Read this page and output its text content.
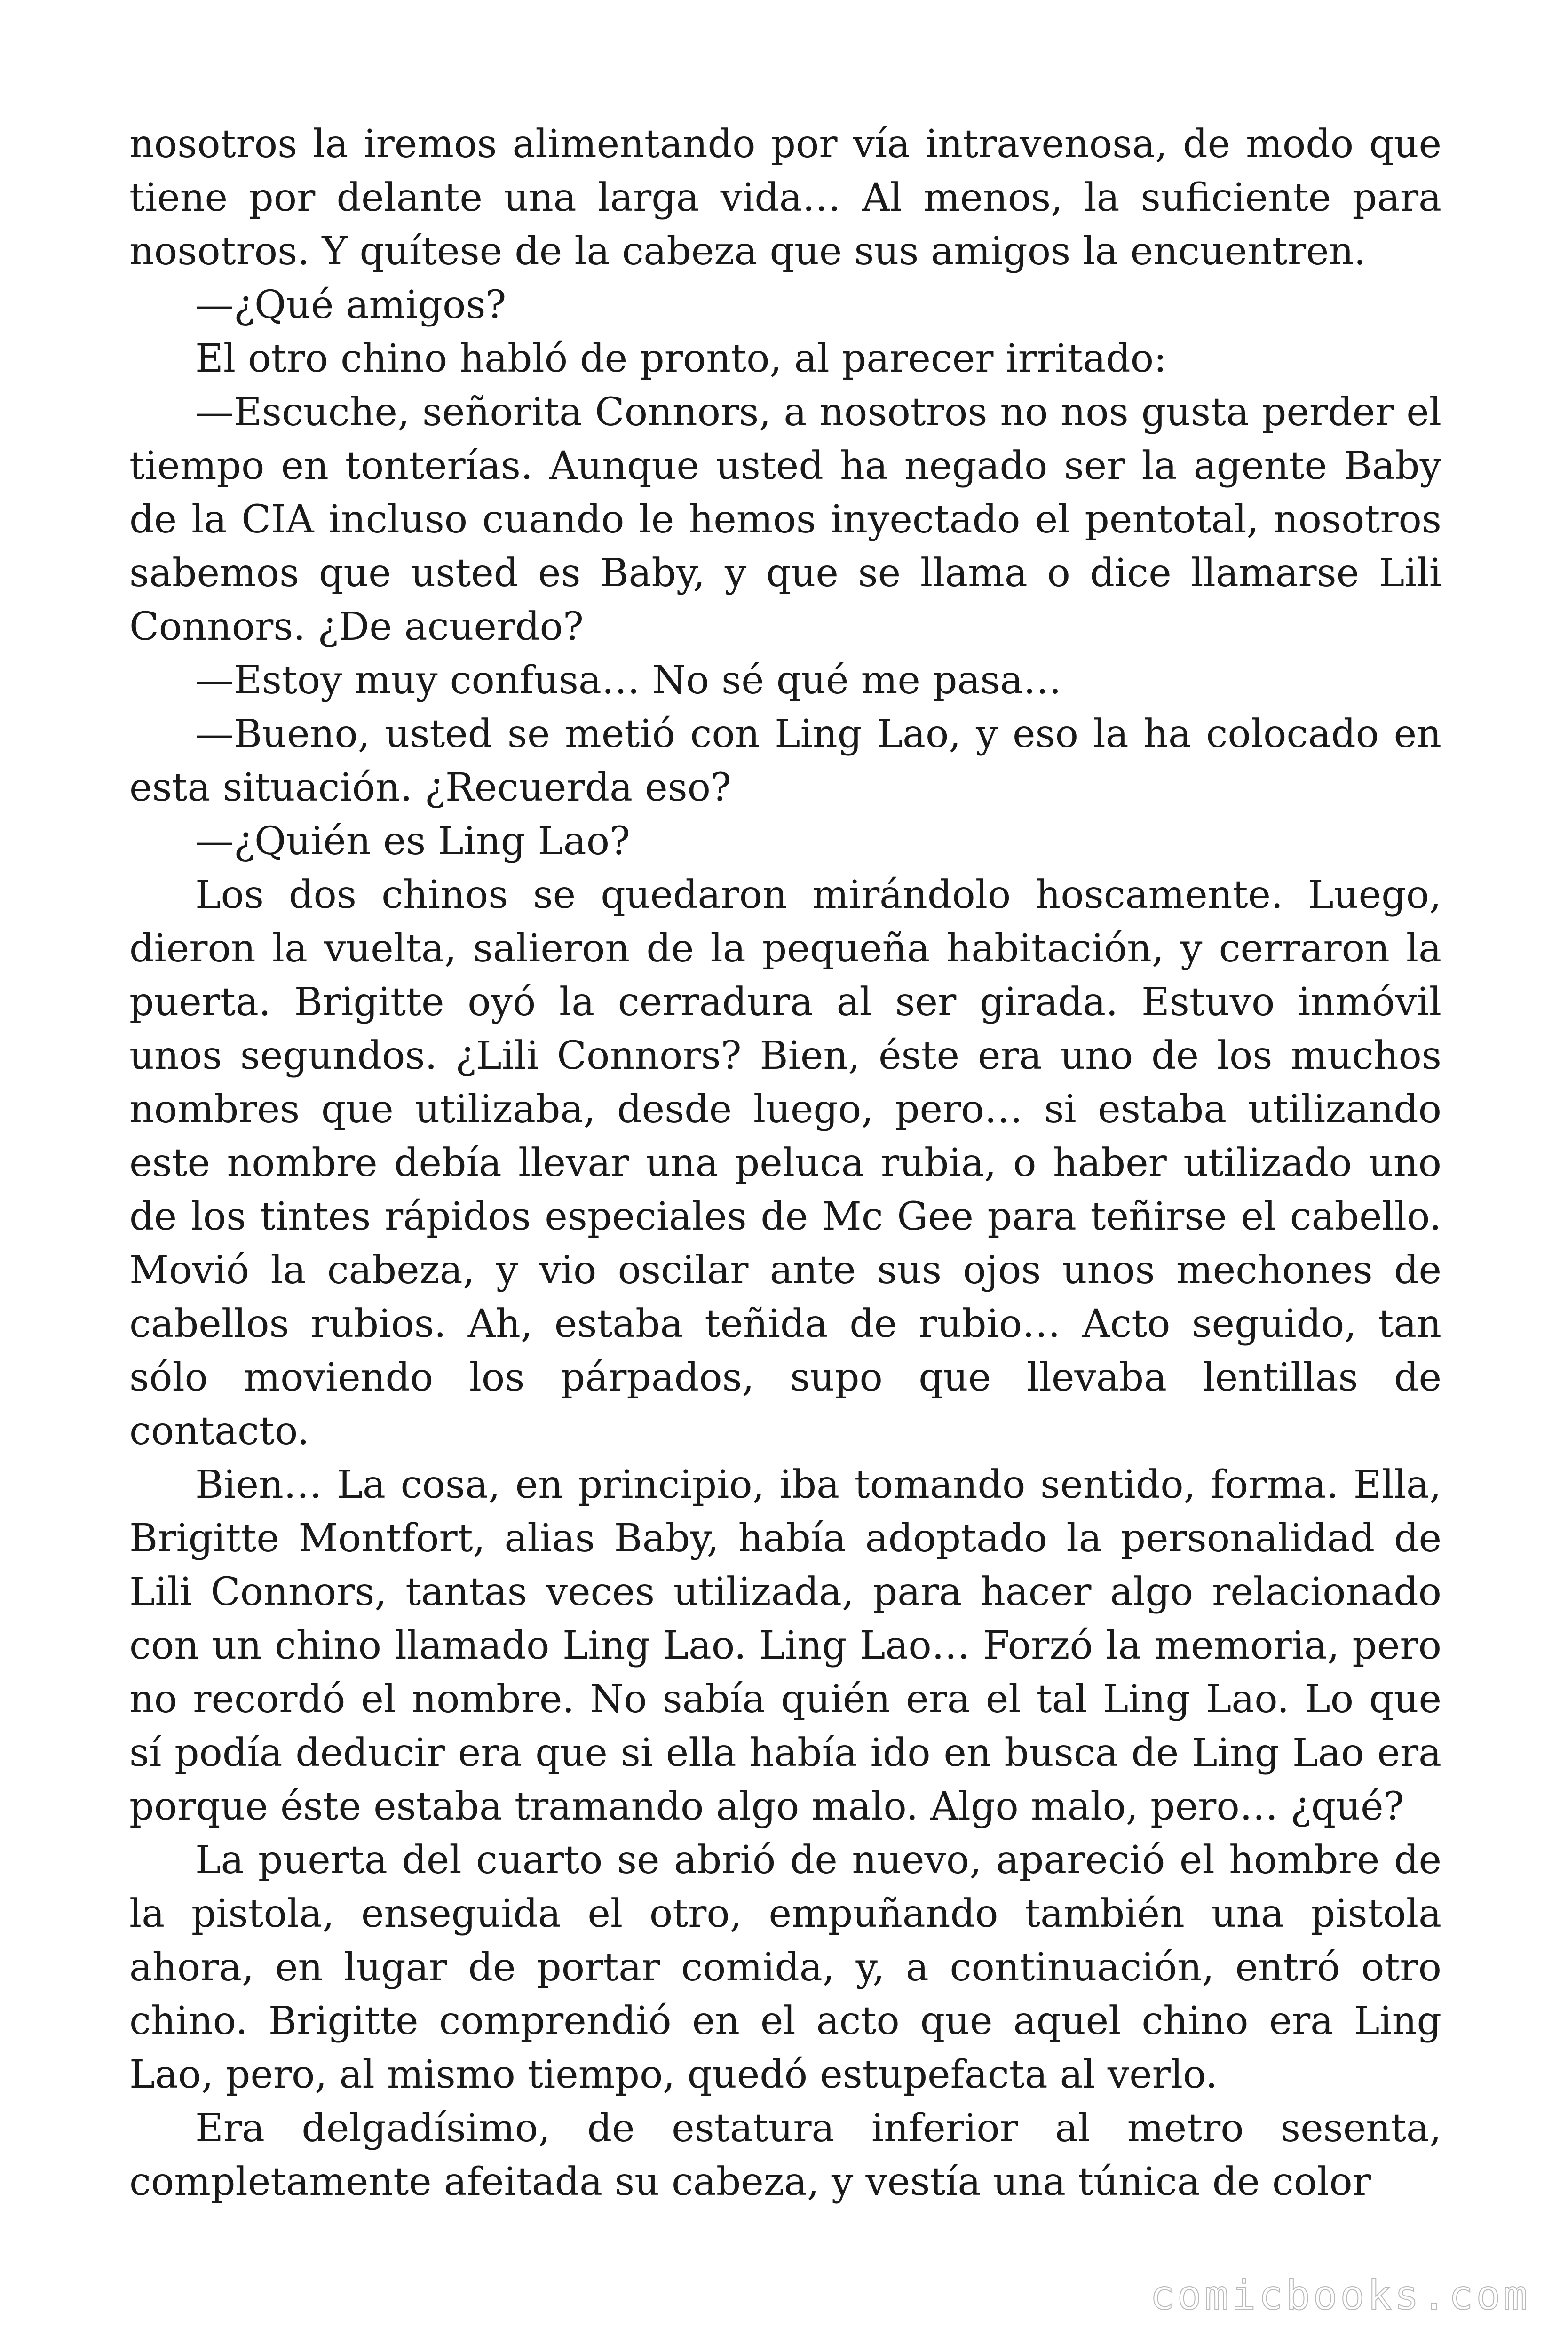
nosotros la iremos alimentando por vía intravenosa, de modo que tiene por delante una larga vida… Al menos, la suficiente para nosotros. Y quítese de la cabeza que sus amigos la encuentren.

—¿Qué amigos?

El otro chino habló de pronto, al parecer irritado:

—Escuche, señorita Connors, a nosotros no nos gusta perder el tiempo en tonterías. Aunque usted ha negado ser la agente Baby de la CIA incluso cuando le hemos inyectado el pentotal, nosotros sabemos que usted es Baby, y que se llama o dice llamarse Lili Connors. ¿De acuerdo?

—Estoy muy confusa… No sé qué me pasa…

—Bueno, usted se metió con Ling Lao, y eso la ha colocado en esta situación. ¿Recuerda eso?

—¿Quién es Ling Lao?

Los dos chinos se quedaron mirándolo hoscamente. Luego, dieron la vuelta, salieron de la pequeña habitación, y cerraron la puerta. Brigitte oyó la cerradura al ser girada. Estuvo inmóvil unos segundos. ¿Lili Connors? Bien, éste era uno de los muchos nombres que utilizaba, desde luego, pero… si estaba utilizando este nombre debía llevar una peluca rubia, o haber utilizado uno de los tintes rápidos especiales de Mc Gee para teñirse el cabello. Movió la cabeza, y vio oscilar ante sus ojos unos mechones de cabellos rubios. Ah, estaba teñida de rubio… Acto seguido, tan sólo moviendo los párpados, supo que llevaba lentillas de contacto.

Bien… La cosa, en principio, iba tomando sentido, forma. Ella, Brigitte Montfort, alias Baby, había adoptado la personalidad de Lili Connors, tantas veces utilizada, para hacer algo relacionado con un chino llamado Ling Lao. Ling Lao… Forzó la memoria, pero no recordó el nombre. No sabía quién era el tal Ling Lao. Lo que sí podía deducir era que si ella había ido en busca de Ling Lao era porque éste estaba tramando algo malo. Algo malo, pero… ¿qué?

La puerta del cuarto se abrió de nuevo, apareció el hombre de la pistola, enseguida el otro, empuñando también una pistola ahora, en lugar de portar comida, y, a continuación, entró otro chino. Brigitte comprendió en el acto que aquel chino era Ling Lao, pero, al mismo tiempo, quedó estupefacta al verlo.

Era delgadísimo, de estatura inferior al metro sesenta, completamente afeitada su cabeza, y vestía una túnica de color

comicbooks.com
